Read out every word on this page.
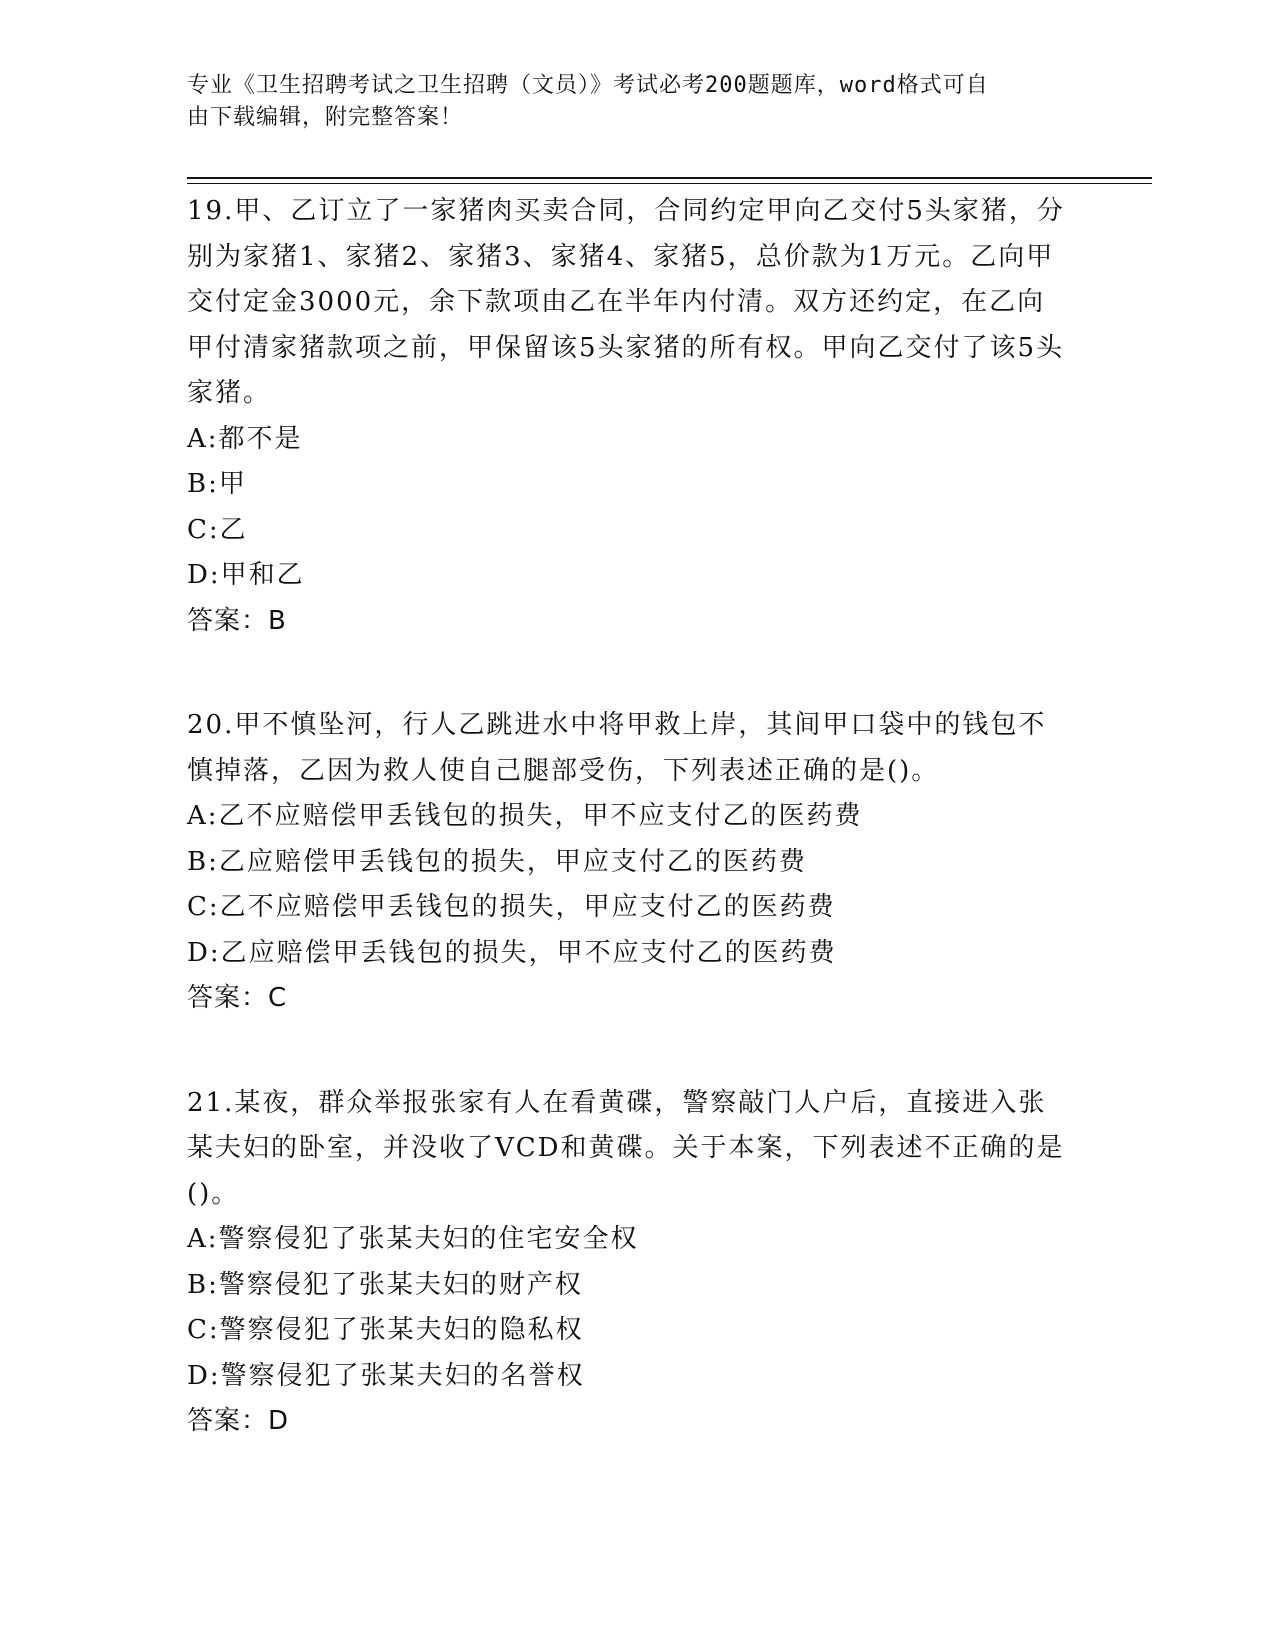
专业《卫生招聘考试之卫生招聘（文员）》考试必考200题题库，word格式可自
由下载编辑，附完整答案！
19.甲、乙订立了一家猪肉买卖合同，合同约定甲向乙交付5头家猪，分别为家猪1、家猪2、家猪3、家猪4、家猪5，总价款为1万元。乙向甲交付定金3000元，余下款项由乙在半年内付清。双方还约定，在乙向甲付清家猪款项之前，甲保留该5头家猪的所有权。甲向乙交付了该5头家猪。
A:都不是
B:甲
C:乙
D:甲和乙
答案：B
20.甲不慎坠河，行人乙跳进水中将甲救上岸，其间甲口袋中的钱包不慎掉落，乙因为救人使自己腿部受伤，下列表述正确的是()。
A:乙不应赔偿甲丢钱包的损失，甲不应支付乙的医药费
B:乙应赔偿甲丢钱包的损失，甲应支付乙的医药费
C:乙不应赔偿甲丢钱包的损失，甲应支付乙的医药费
D:乙应赔偿甲丢钱包的损失，甲不应支付乙的医药费
答案：C
21.某夜，群众举报张家有人在看黄碟，警察敲门人户后，直接进入张某夫妇的卧室，并没收了VCD和黄碟。关于本案，下列表述不正确的是()。
A:警察侵犯了张某夫妇的住宅安全权
B:警察侵犯了张某夫妇的财产权
C:警察侵犯了张某夫妇的隐私权
D:警察侵犯了张某夫妇的名誉权
答案：D
